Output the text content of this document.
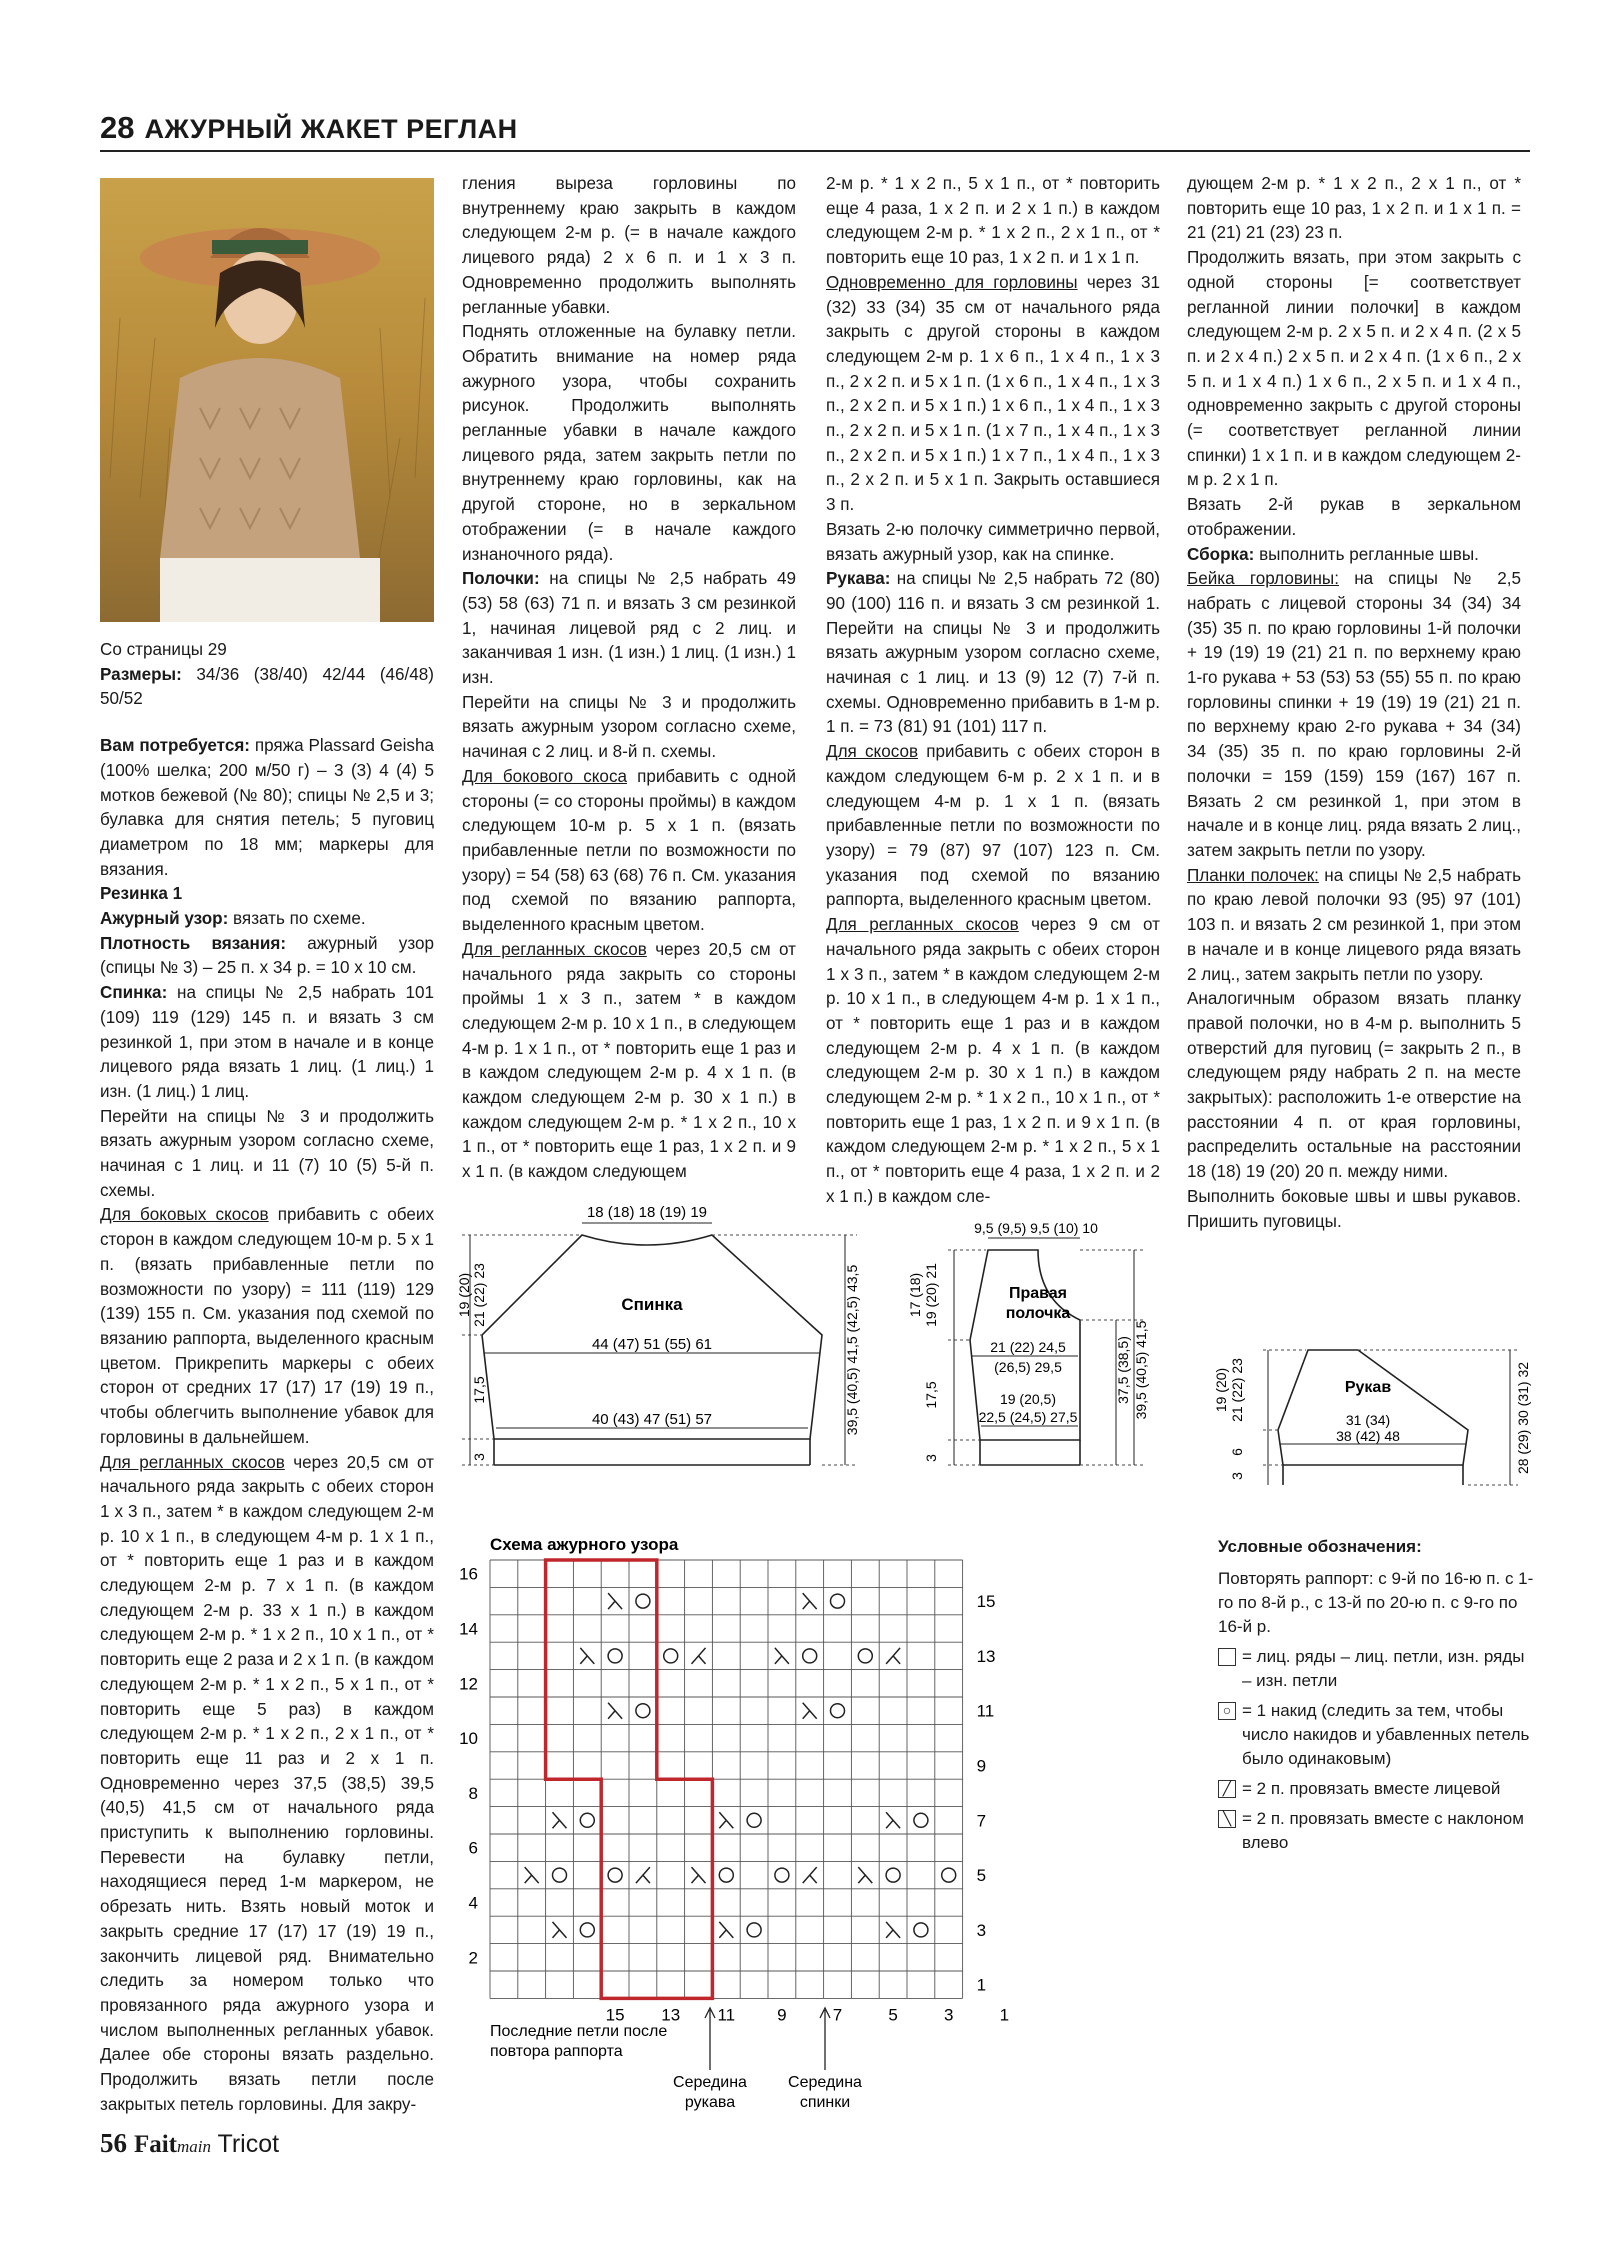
28 АЖУРНЫЙ ЖАКЕТ РЕГЛАН

Со страницы 29

Размеры: 34/36 (38/40) 42/44 (46/48) 50/52

Вам потребуется: пряжа Plassard Geisha (100% шелка; 200 м/50 г) – 3 (3) 4 (4) 5 мотков бежевой (№ 80); спицы № 2,5 и 3; булавка для снятия петель; 5 пуговиц диаметром по 18 мм; маркеры для вязания.

Резинка 1

Ажурный узор: вязать по схеме.

Плотность вязания: ажурный узор (спицы № 3) – 25 п. х 34 р. = 10 х 10 см.

Спинка: на спицы № 2,5 набрать 101 (109) 119 (129) 145 п. и вязать 3 см резинкой 1, при этом в начале и в конце лицевого ряда вязать 1 лиц. (1 лиц.) 1 изн. (1 лиц.) 1 лиц.

Перейти на спицы № 3 и продолжить вязать ажурным узором согласно схеме, начиная с 1 лиц. и 11 (7) 10 (5) 5-й п. схемы.

Для боковых скосов прибавить с обеих сторон в каждом следующем 10-м р. 5 х 1 п. (вязать прибавленные петли по возможности по узору) = 111 (119) 129 (139) 155 п. См. указания под схемой по вязанию раппорта, выделенного красным цветом. Прикрепить маркеры с обеих сторон от средних 17 (17) 17 (19) 19 п., чтобы облегчить выполнение убавок для горловины в дальнейшем.

Для регланных скосов через 20,5 см от начального ряда закрыть с обеих сторон 1 х 3 п., затем * в каждом следующем 2-м р. 10 х 1 п., в следующем 4-м р. 1 х 1 п., от * повторить еще 1 раз и в каждом следующем 2-м р. 7 х 1 п. (в каждом следующем 2-м р. 33 х 1 п.) в каждом следующем 2-м р. * 1 х 2 п., 10 х 1 п., от * повторить еще 2 раза и 2 х 1 п. (в каждом следующем 2-м р. * 1 х 2 п., 5 х 1 п., от * повторить еще 5 раз) в каждом следующем 2-м р. * 1 х 2 п., 2 х 1 п., от * повторить еще 11 раз и 2 х 1 п. Одновременно через 37,5 (38,5) 39,5 (40,5) 41,5 см от начального ряда приступить к выполнению горловины. Перевести на булавку петли, находящиеся перед 1-м маркером, не обрезать нить. Взять новый моток и закрыть средние 17 (17) 17 (19) 19 п., закончить лицевой ряд. Внимательно следить за номером только что провязанного ряда ажурного узора и числом выполненных регланных убавок. Далее обе стороны вязать раздельно. Продолжить вязать петли после закрытых петель горловины. Для закру-

гления выреза горловины по внутреннему краю закрыть в каждом следующем 2-м р. (= в начале каждого лицевого ряда) 2 х 6 п. и 1 х 3 п. Одновременно продолжить выполнять регланные убавки.

Поднять отложенные на булавку петли. Обратить внимание на номер ряда ажурного узора, чтобы сохранить рисунок. Продолжить выполнять регланные убавки в начале каждого лицевого ряда, затем закрыть петли по внутреннему краю горловины, как на другой стороне, но в зеркальном отображении (= в начале каждого изнаночного ряда).

Полочки: на спицы № 2,5 набрать 49 (53) 58 (63) 71 п. и вязать 3 см резинкой 1, начиная лицевой ряд с 2 лиц. и заканчивая 1 изн. (1 изн.) 1 лиц. (1 изн.) 1 изн.

Перейти на спицы № 3 и продолжить вязать ажурным узором согласно схеме, начиная с 2 лиц. и 8-й п. схемы.

Для бокового скоса прибавить с одной стороны (= со стороны проймы) в каждом следующем 10-м р. 5 х 1 п. (вязать прибавленные петли по возможности по узору) = 54 (58) 63 (68) 76 п. См. указания под схемой по вязанию раппорта, выделенного красным цветом.

Для регланных скосов через 20,5 см от начального ряда закрыть со стороны проймы 1 х 3 п., затем * в каждом следующем 2-м р. 10 х 1 п., в следующем 4-м р. 1 х 1 п., от * повторить еще 1 раз и в каждом следующем 2-м р. 4 х 1 п. (в каждом следующем 2-м р. 30 х 1 п.) в каждом следующем 2-м р. * 1 х 2 п., 10 х 1 п., от * повторить еще 1 раз, 1 х 2 п. и 9 х 1 п. (в каждом следующем

2-м р. * 1 х 2 п., 5 х 1 п., от * повторить еще 4 раза, 1 х 2 п. и 2 х 1 п.) в каждом следующем 2-м р. * 1 х 2 п., 2 х 1 п., от * повторить еще 10 раз, 1 х 2 п. и 1 х 1 п.

Одновременно для горловины через 31 (32) 33 (34) 35 см от начального ряда закрыть с другой стороны в каждом следующем 2-м р. 1 х 6 п., 1 х 4 п., 1 х 3 п., 2 х 2 п. и 5 х 1 п. (1 х 6 п., 1 х 4 п., 1 х 3 п., 2 х 2 п. и 5 х 1 п.) 1 х 6 п., 1 х 4 п., 1 х 3 п., 2 х 2 п. и 5 х 1 п. (1 х 7 п., 1 х 4 п., 1 х 3 п., 2 х 2 п. и 5 х 1 п.) 1 х 7 п., 1 х 4 п., 1 х 3 п., 2 х 2 п. и 5 х 1 п. Закрыть оставшиеся 3 п.

Вязать 2-ю полочку симметрично первой, вязать ажурный узор, как на спинке.

Рукава: на спицы № 2,5 набрать 72 (80) 90 (100) 116 п. и вязать 3 см резинкой 1. Перейти на спицы № 3 и продолжить вязать ажурным узором согласно схеме, начиная с 1 лиц. и 13 (9) 12 (7) 7-й п. схемы. Одновременно прибавить в 1-м р. 1 п. = 73 (81) 91 (101) 117 п.

Для скосов прибавить с обеих сторон в каждом следующем 6-м р. 2 х 1 п. и в следующем 4-м р. 1 х 1 п. (вязать прибавленные петли по возможности по узору) = 79 (87) 97 (107) 123 п. См. указания под схемой по вязанию раппорта, выделенного красным цветом.

Для регланных скосов через 9 см от начального ряда закрыть с обеих сторон 1 х 3 п., затем * в каждом следующем 2-м р. 10 х 1 п., в следующем 4-м р. 1 х 1 п., от * повторить еще 1 раз и в каждом следующем 2-м р. 4 х 1 п. (в каждом следующем 2-м р. 30 х 1 п.) в каждом следующем 2-м р. * 1 х 2 п., 10 х 1 п., от * повторить еще 1 раз, 1 х 2 п. и 9 х 1 п. (в каждом следующем 2-м р. * 1 х 2 п., 5 х 1 п., от * повторить еще 4 раза, 1 х 2 п. и 2 х 1 п.) в каждом сле-

дующем 2-м р. * 1 х 2 п., 2 х 1 п., от * повторить еще 10 раз, 1 х 2 п. и 1 х 1 п. = 21 (21) 21 (23) 23 п.

Продолжить вязать, при этом закрыть с одной стороны [= соответствует регланной линии полочки] в каждом следующем 2-м р. 2 х 5 п. и 2 х 4 п. (2 х 5 п. и 2 х 4 п.) 2 х 5 п. и 2 х 4 п. (1 х 6 п., 2 х 5 п. и 1 х 4 п.) 1 х 6 п., 2 х 5 п. и 1 х 4 п., одновременно закрыть с другой стороны (= соответствует регланной линии спинки) 1 х 1 п. и в каждом следующем 2-м р. 2 х 1 п.

Вязать 2-й рукав в зеркальном отображении.

Сборка: выполнить регланные швы.

Бейка горловины: на спицы № 2,5 набрать с лицевой стороны 34 (34) 34 (35) 35 п. по краю горловины 1-й полочки + 19 (19) 19 (21) 21 п. по верхнему краю 1-го рукава + 53 (53) 53 (55) 55 п. по краю горловины спинки + 19 (19) 19 (21) 21 п. по верхнему краю 2-го рукава + 34 (34) 34 (35) 35 п. по краю горловины 2-й полочки = 159 (159) 159 (167) 167 п. Вязать 2 см резинкой 1, при этом в начале и в конце лиц. ряда вязать 2 лиц., затем закрыть петли по узору.

Планки полочек: на спицы № 2,5 набрать по краю левой полочки 93 (95) 97 (101) 103 п. и вязать 2 см резинкой 1, при этом в начале и в конце лицевого ряда вязать 2 лиц., затем закрыть петли по узору.

Аналогичным образом вязать планку правой полочки, но в 4-м р. выполнить 5 отверстий для пуговиц (= закрыть 2 п., в следующем ряду набрать 2 п. на месте закрытых): расположить 1-е отверстие на расстоянии 4 п. от края горловины, распределить остальные на расстоянии 18 (18) 19 (20) 20 п. между ними.

Выполнить боковые швы и швы рукавов. Пришить пуговицы.

18 (18) 18 (19) 19
Спинка
44 (47) 51 (55) 61
40 (43) 47 (51) 57
19 (20) 21 (22) 23
17,5
3
39,5 (40,5) 41,5 (42,5) 43,5
9,5 (9,5) 9,5 (10) 10
Правая
полочка
21 (22) 24,5
(26,5) 29,5
19 (20,5)
22,5 (24,5) 27,5
17 (18) 19 (20) 21
17,5
3
37,5 (38,5) 39,5 (40,5) 41,5	Рукав
31 (34)
38 (42) 48
19 (20) 21 (22) 23
6
3
28 (29) 30 (31) 32
Схема ажурного узора
16
14
12
10
8
6
4
2
15
13
11
9
7
5
3
1
15 13 11 9	7	5	3	1
Последние петли после повтора раппорта
Середина рукава
Середина спинки

Условные обозначения:

Повторять раппорт: с 9-й по 16-ю п. с 1-го по 8-й р., с 13-й по 20-ю п. с 9-го по 16-й р.

= лиц. ряды – лиц. петли, изн. ряды – изн. петли
○ = 1 накид (следить за тем, чтобы число накидов и убавленных петель было одинаковым)
╱ = 2 п. провязать вместе лицевой
╲ = 2 п. провязать вместе с наклоном влево
56 Faitmain Tricot
